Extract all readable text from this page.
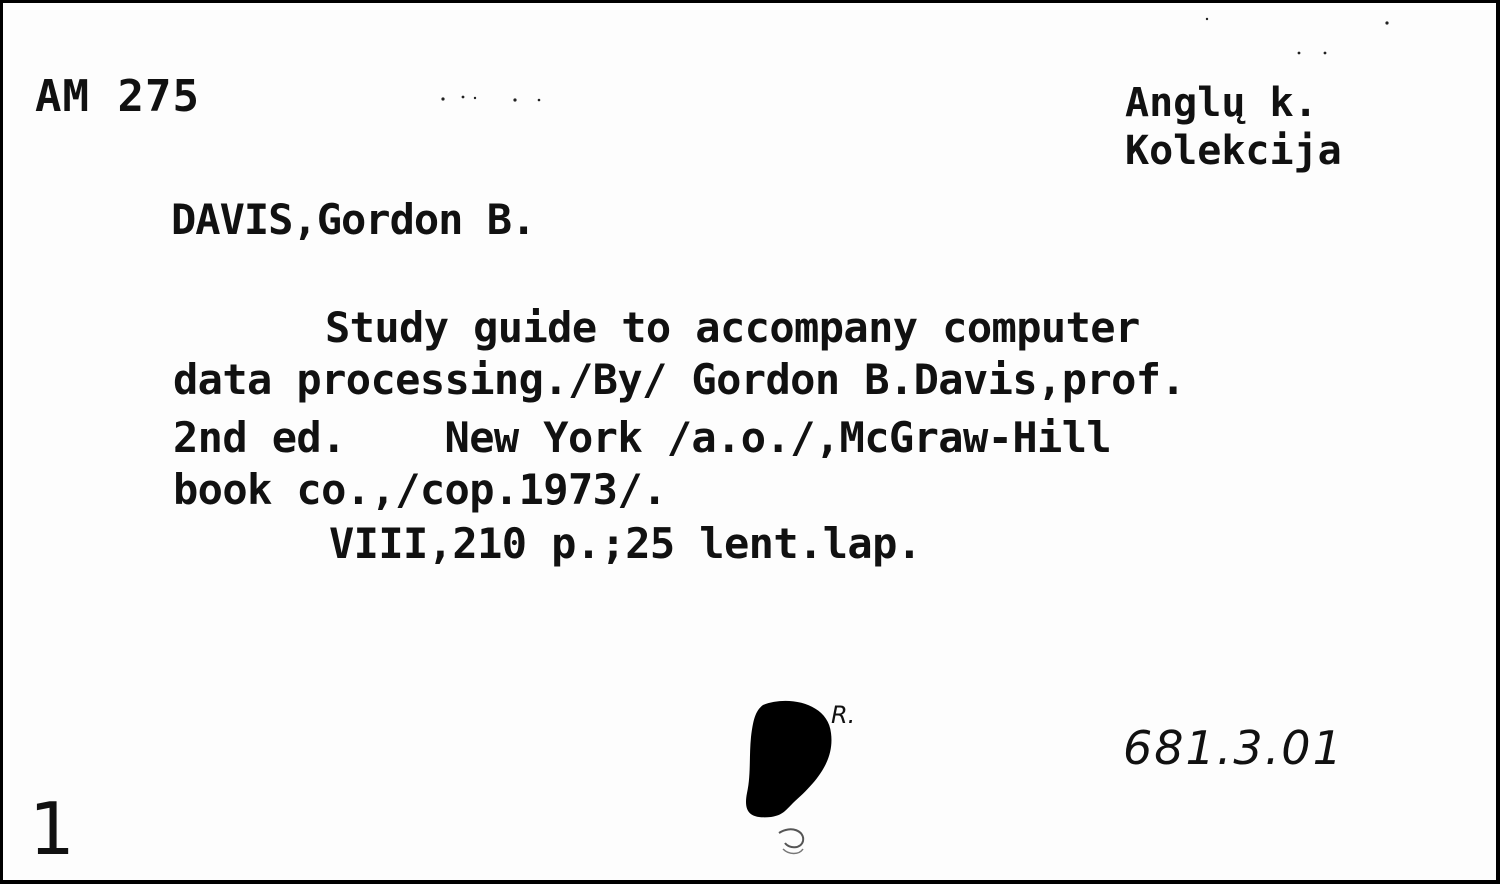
AM 275	Anglų k.
Kolekcija
DAVIS,Gordon B.
Study guide to accompany computer
data processing./By/ Gordon B.Davis,prof.
2nd ed.    New York /a.o./,McGraw-Hill
book co.,/cop.1973/.
VIII,210 p.;25 lent.lap.
R.
681.3.01
1
